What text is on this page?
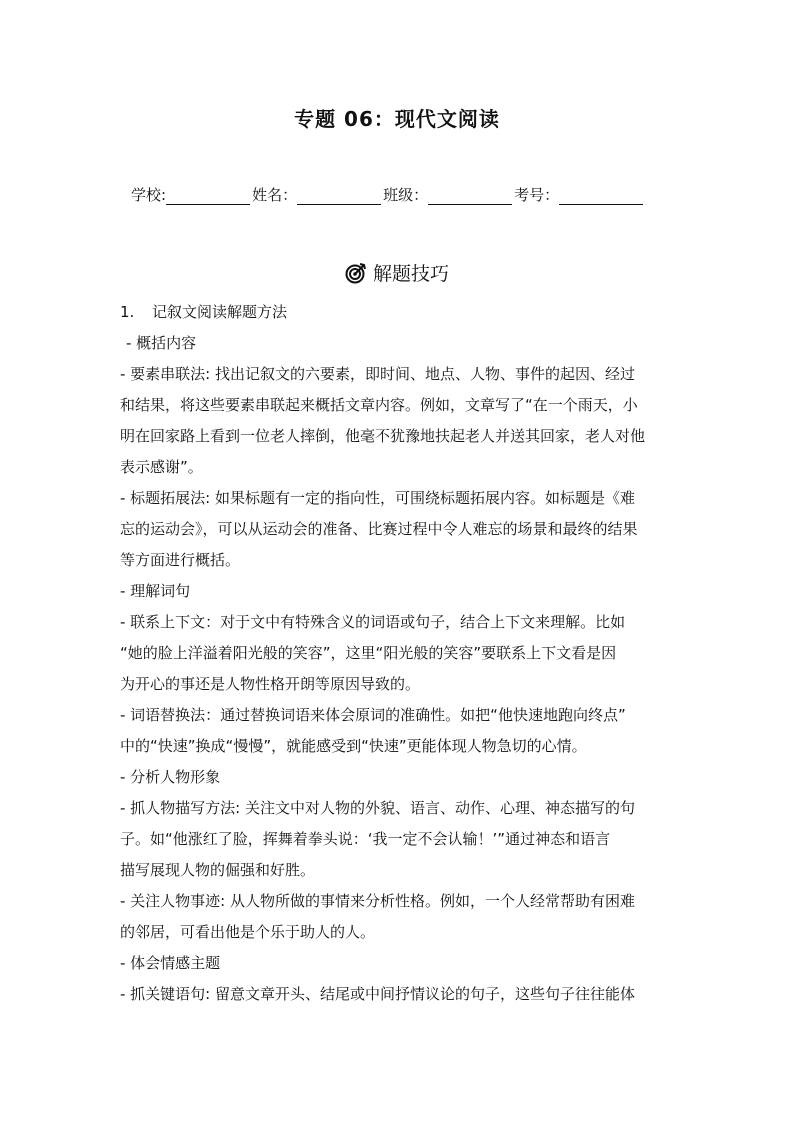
专题 06：现代文阅读
学校:	姓名：	班级：	考号：
解题技巧

1. 记叙文阅读解题方法

- 概括内容

- 要素串联法: 找出记叙文的六要素，即时间、地点、人物、事件的起因、经过

和结果，将这些要素串联起来概括文章内容。例如，文章写了“在一个雨天，小

明在回家路上看到一位老人摔倒，他毫不犹豫地扶起老人并送其回家，老人对他

表示感谢”。

- 标题拓展法: 如果标题有一定的指向性，可围绕标题拓展内容。如标题是《难

忘的运动会》，可以从运动会的准备、比赛过程中令人难忘的场景和最终的结果

等方面进行概括。

- 理解词句

- 联系上下文：对于文中有特殊含义的词语或句子，结合上下文来理解。比如

“她的脸上洋溢着阳光般的笑容”，这里“阳光般的笑容”要联系上下文看是因

为开心的事还是人物性格开朗等原因导致的。

- 词语替换法：通过替换词语来体会原词的准确性。如把“他快速地跑向终点”

中的“快速”换成“慢慢”，就能感受到“快速”更能体现人物急切的心情。

- 分析人物形象

- 抓人物描写方法: 关注文中对人物的外貌、语言、动作、心理、神态描写的句

子。如“他涨红了脸，挥舞着拳头说：‘我一定不会认输！’”通过神态和语言

描写展现人物的倔强和好胜。

- 关注人物事迹: 从人物所做的事情来分析性格。例如，一个人经常帮助有困难

的邻居，可看出他是个乐于助人的人。

- 体会情感主题

- 抓关键语句: 留意文章开头、结尾或中间抒情议论的句子，这些句子往往能体
